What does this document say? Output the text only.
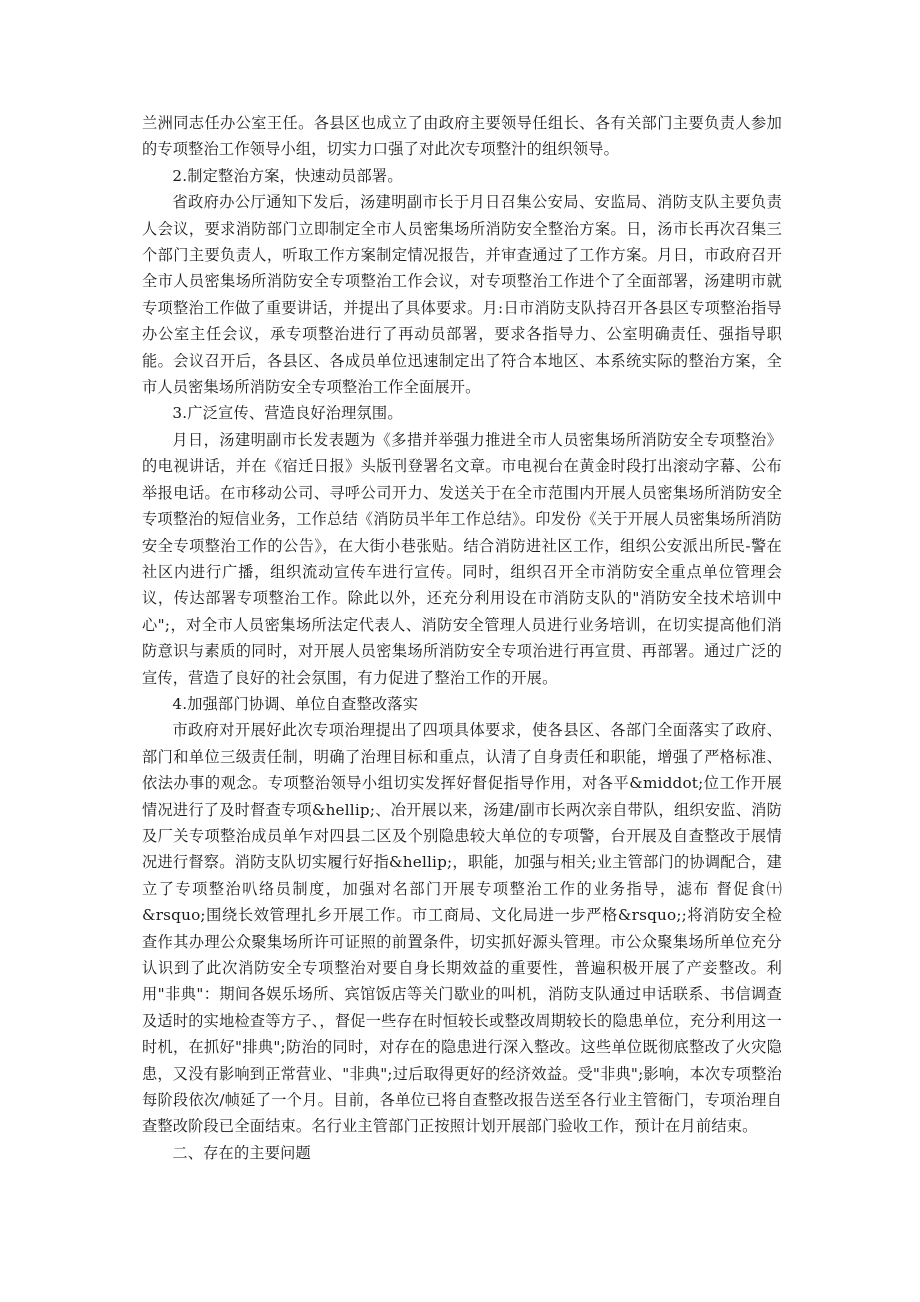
兰洲同志任办公室王任。各县区也成立了由政府主要领导任组长、各有关部门主要负责人参加的专项整治工作领导小组，切实力口强了对此次专项整汁的组织领导。

2.制定整治方案，快速动员部署。

省政府办公厅通知下发后，汤建明副市长于月日召集公安局、安监局、消防支队主要负责人会议，要求消防部门立即制定全市人员密集场所消防安全整治方案。日，汤市长再次召集三个部门主要负责人，听取工作方案制定情况报告，并审查通过了工作方案。月日，市政府召开全市人员密集场所消防安全专项整治工作会议，对专项整治工作进个了全面部署，汤建明市就专项整治工作做了重要讲话，并提出了具体要求。月:日市消防支队持召开各县区专项整治指导办公室主任会议，承专项整治进行了再动员部署，要求各指导力、公室明确责任、强指导职能。会议召开后，各县区、各成员单位迅速制定出了符合本地区、本系统实际的整治方案，全市人员密集场所消防安全专项整治工作全面展开。

3.广泛宣传、营造良好治理氛围。

月日，汤建明副市长发表题为《多措并举强力推进全市人员密集场所消防安全专项整治》的电视讲话，并在《宿迁日报》头版刊登署名文章。市电视台在黄金时段打出滚动字幕、公布举报电话。在市移动公司、寻呼公司开力、发送关于在全市范围内开展人员密集场所消防安全专项整治的短信业务，工作总结《消防员半年工作总结》。印发份《关于开展人员密集场所消防安全专项整治工作的公告》，在大街小巷张贴。结合消防进社区工作，组织公安派出所民-警在社区内进行广播，组织流动宣传车进行宣传。同时，组织召开全市消防安全重点单位管理会议，传达部署专项整治工作。除此以外，还充分利用设在市消防支队的"消防安全技术培训中心";，对全市人员密集场所法定代表人、消防安全管理人员进行业务培训，在切实提高他们消防意识与素质的同时，对开展人员密集场所消防安全专项治进行再宣贯、再部署。通过广泛的宣传，营造了良好的社会氛围，有力促进了整治工作的开展。

4.加强部门协调、单位自查整改落实

市政府对开展好此次专项治理提出了四项具体要求，使各县区、各部门全面落实了政府、部门和单位三级责任制，明确了治理目标和重点，认清了自身责任和职能，增强了严格标准、依法办事的观念。专项整治领导小组切实发挥好督促指导作用，对各平&middot;位工作开展情况进行了及时督查专项&hellip;、冶开展以来，汤建/副市长两次亲自带队，组织安监、消防及厂关专项整治成员单乍对四县二区及个别隐患较大单位的专项警，台开展及自查整改于展情况进行督察。消防支队切实履行好指&hellip;，职能，加强与相关;业主管部门的协调配合，建立了专项整治叭络员制度，加强对名部门开展专项整治工作的业务指导，滤布 督促食㈩&rsquo;围绕长效管理扎乡开展工作。市工商局、文化局进一步严格&rsquo;;将消防安全检查作其办理公众聚集场所许可证照的前置条件，切实抓好源头管理。市公众聚集场所单位充分认识到了此次消防安全专项整治对要自身长期效益的重要性，普遍积极开展了产妾整改。利用"非典"：期间各娱乐场所、宾馆饭店等关门歇业的叫机，消防支队通过申话联系、书信调查及适时的实地检查等方子、，督促一些存在时恒较长或整改周期较长的隐患单位，充分利用这一时机，在抓好"排典";防治的同时，对存在的隐患进行深入整改。这些单位既彻底整改了火灾隐患，又没有影响到正常营业、"非典";过后取得更好的经济效益。受"非典";影响，本次专项整治每阶段依次/帧延了一个月。目前，各单位已将自查整改报告送至各行业主管衙门，专项治理自查整改阶段已全面结束。名行业主管部门正按照计划开展部门验收工作，预计在月前结束。

二、存在的主要问题
